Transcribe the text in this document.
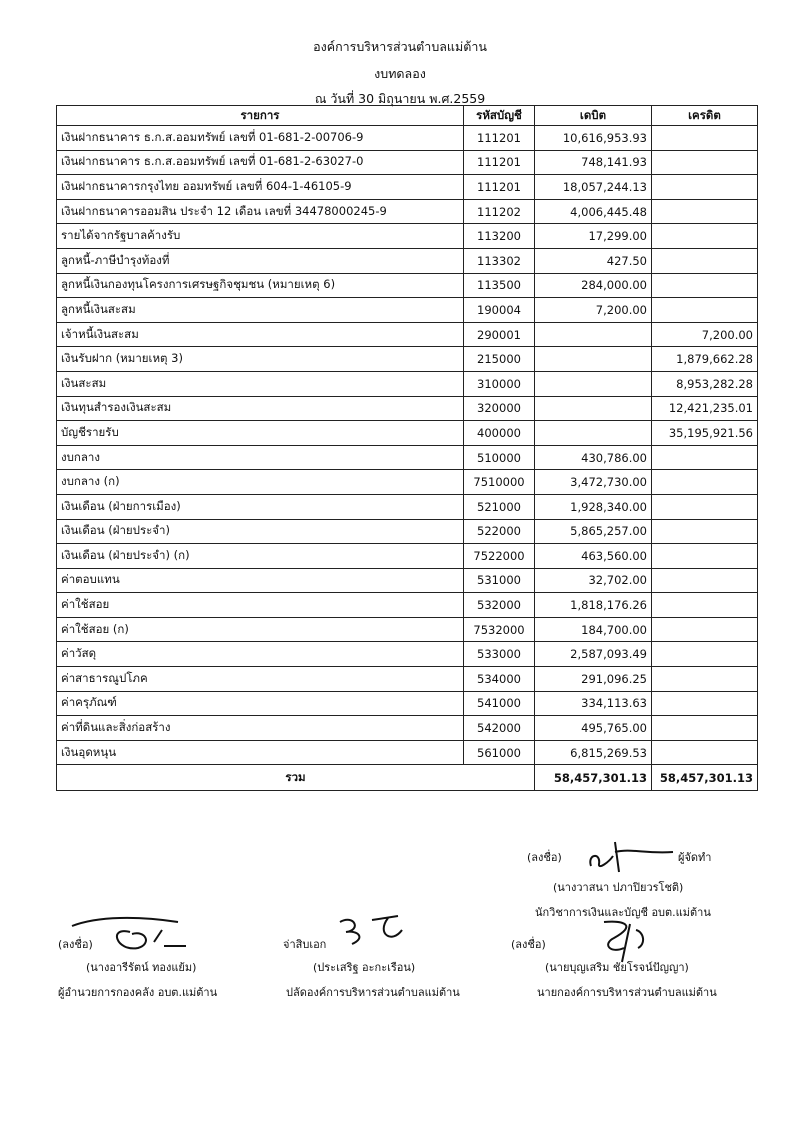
องค์การบริหารส่วนตำบลแม่ต้าน
งบทดลอง
ณ วันที่ 30 มิถุนายน พ.ศ.2559
รายการ	รหัสบัญชี	เดบิต	เครดิต
เงินฝากธนาคาร ธ.ก.ส.ออมทรัพย์ เลขที่ 01-681-2-00706-9	111201	10,616,953.93	
เงินฝากธนาคาร ธ.ก.ส.ออมทรัพย์ เลขที่ 01-681-2-63027-0	111201	748,141.93	
เงินฝากธนาคารกรุงไทย ออมทรัพย์ เลขที่ 604-1-46105-9	111201	18,057,244.13	
เงินฝากธนาคารออมสิน ประจำ 12 เดือน เลขที่ 34478000245-9	111202	4,006,445.48	
รายได้จากรัฐบาลค้างรับ	113200	17,299.00	
ลูกหนี้-ภาษีบำรุงท้องที่	113302	427.50	
ลูกหนี้เงินกองทุนโครงการเศรษฐกิจชุมชน (หมายเหตุ 6)	113500	284,000.00	
ลูกหนี้เงินสะสม	190004	7,200.00	
เจ้าหนี้เงินสะสม	290001		7,200.00
เงินรับฝาก (หมายเหตุ 3)	215000		1,879,662.28
เงินสะสม	310000		8,953,282.28
เงินทุนสำรองเงินสะสม	320000		12,421,235.01
บัญชีรายรับ	400000		35,195,921.56
งบกลาง	510000	430,786.00	
งบกลาง (ก)	7510000	3,472,730.00	
เงินเดือน (ฝ่ายการเมือง)	521000	1,928,340.00	
เงินเดือน (ฝ่ายประจำ)	522000	5,865,257.00	
เงินเดือน (ฝ่ายประจำ) (ก)	7522000	463,560.00	
ค่าตอบแทน	531000	32,702.00	
ค่าใช้สอย	532000	1,818,176.26	
ค่าใช้สอย (ก)	7532000	184,700.00	
ค่าวัสดุ	533000	2,587,093.49	
ค่าสาธารณูปโภค	534000	291,096.25	
ค่าครุภัณฑ์	541000	334,113.63	
ค่าที่ดินและสิ่งก่อสร้าง	542000	495,765.00	
เงินอุดหนุน	561000	6,815,269.53	
รวม		58,457,301.13	58,457,301.13
(ลงชื่อ)	ผู้จัดทำ
(นางวาสนา ปภาปิยวรโชติ)
นักวิชาการเงินและบัญชี อบต.แม่ต้าน
(ลงชื่อ)
(นางอารีรัตน์ ทองแย้ม)
ผู้อำนวยการกองคลัง อบต.แม่ต้าน
จ่าสิบเอก
(ประเสริฐ อะกะเรือน)
ปลัดองค์การบริหารส่วนตำบลแม่ต้าน
(ลงชื่อ)
(นายบุญเสริม ชัยโรจน์ปัญญา)
นายกองค์การบริหารส่วนตำบลแม่ต้าน
